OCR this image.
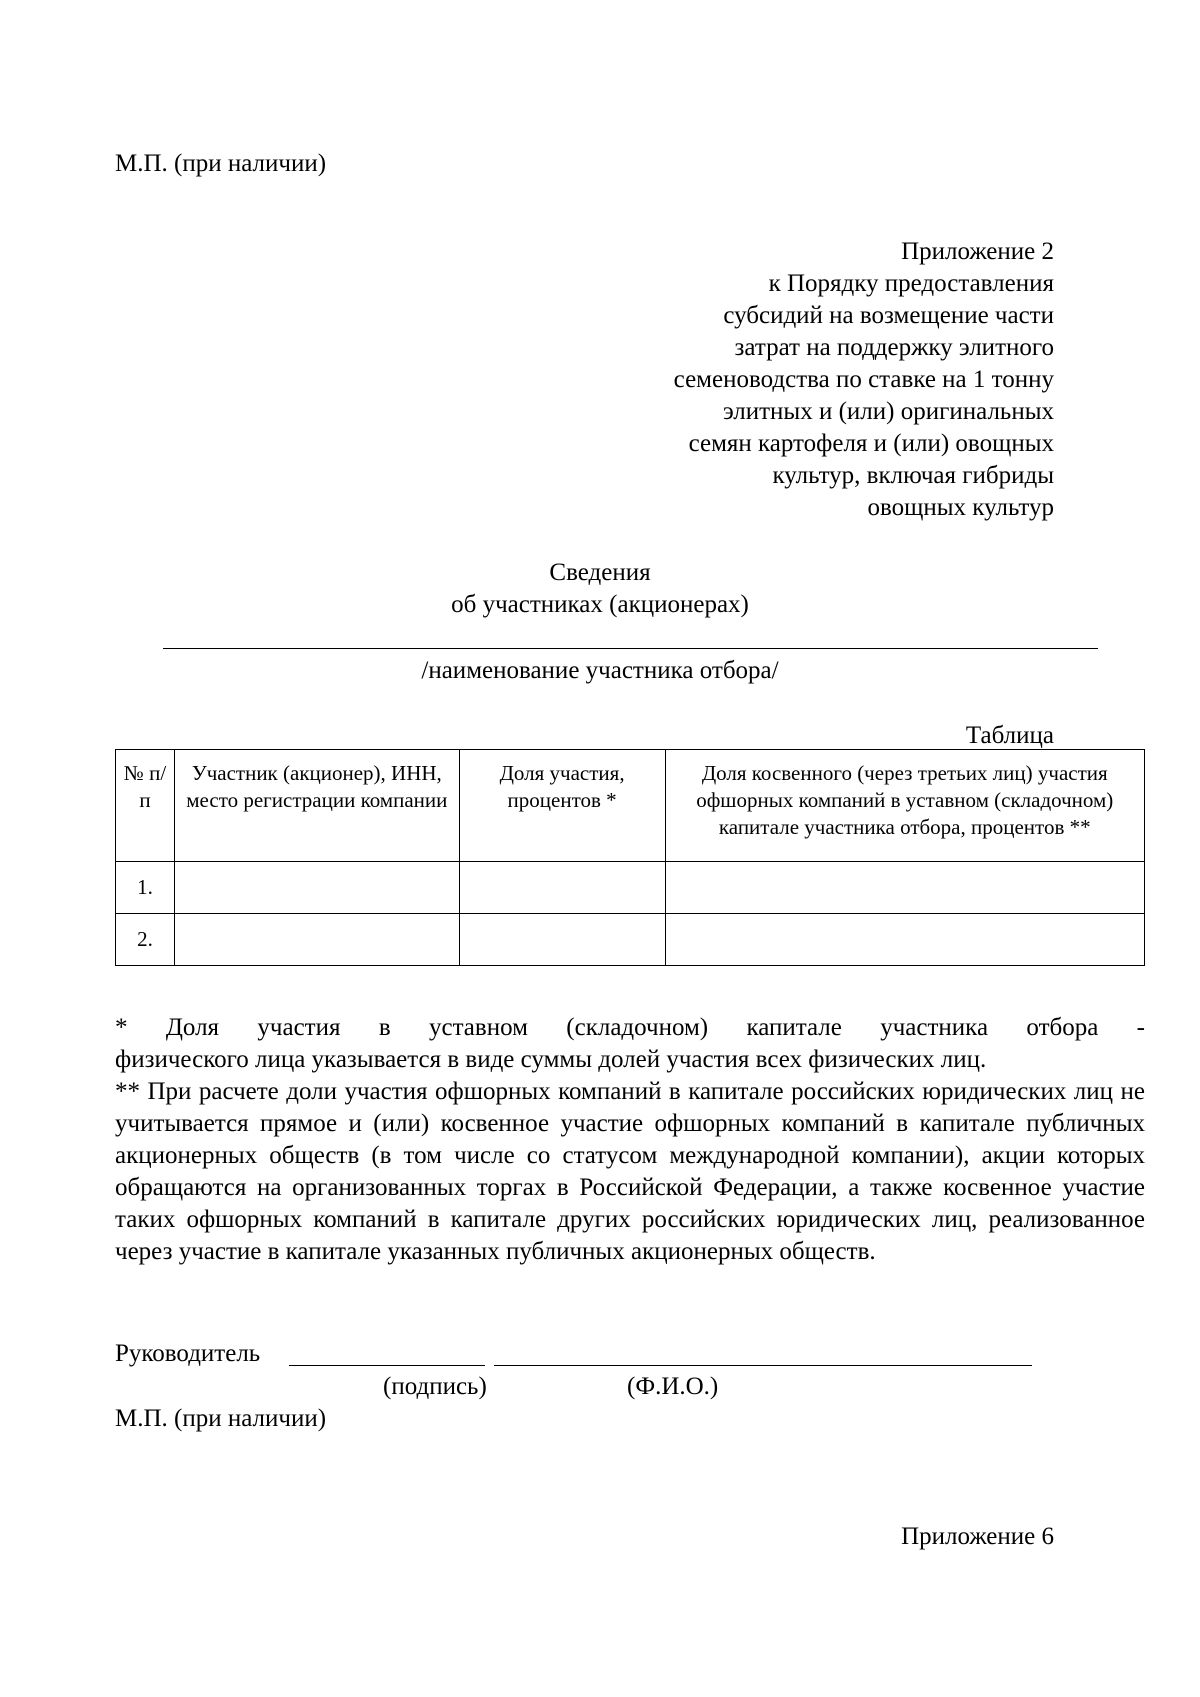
М.П. (при наличии)
Приложение 2
к Порядку предоставления
субсидий на возмещение части
затрат на поддержку элитного
семеноводства по ставке на 1 тонну
элитных и (или) оригинальных
семян картофеля и (или) овощных
культур, включая гибриды
овощных культур
Сведения
об участниках (акционерах)
/наименование участника отбора/
Таблица
№ п/п	Участник (акционер), ИНН, место регистрации компании	Доля участия, процентов *	Доля косвенного (через третьих лиц) участия офшорных компаний в уставном (складочном) капитале участника отбора, процентов **
1.			
2.			

* Доля участия в уставном (складочном) капитале участника отбора -

физического лица указывается в виде суммы долей участия всех физических лиц.

** При расчете доли участия офшорных компаний в капитале российских юридических лиц не учитывается прямое и (или) косвенное участие офшорных компаний в капитале публичных акционерных обществ (в том числе со статусом международной компании), акции которых обращаются на организованных торгах в Российской Федерации, а также косвенное участие таких офшорных компаний в капитале других российских юридических лиц, реализованное через участие в капитале указанных публичных акционерных обществ.

Руководитель
(подпись)	(Ф.И.О.)
М.П. (при наличии)
Приложение 6
